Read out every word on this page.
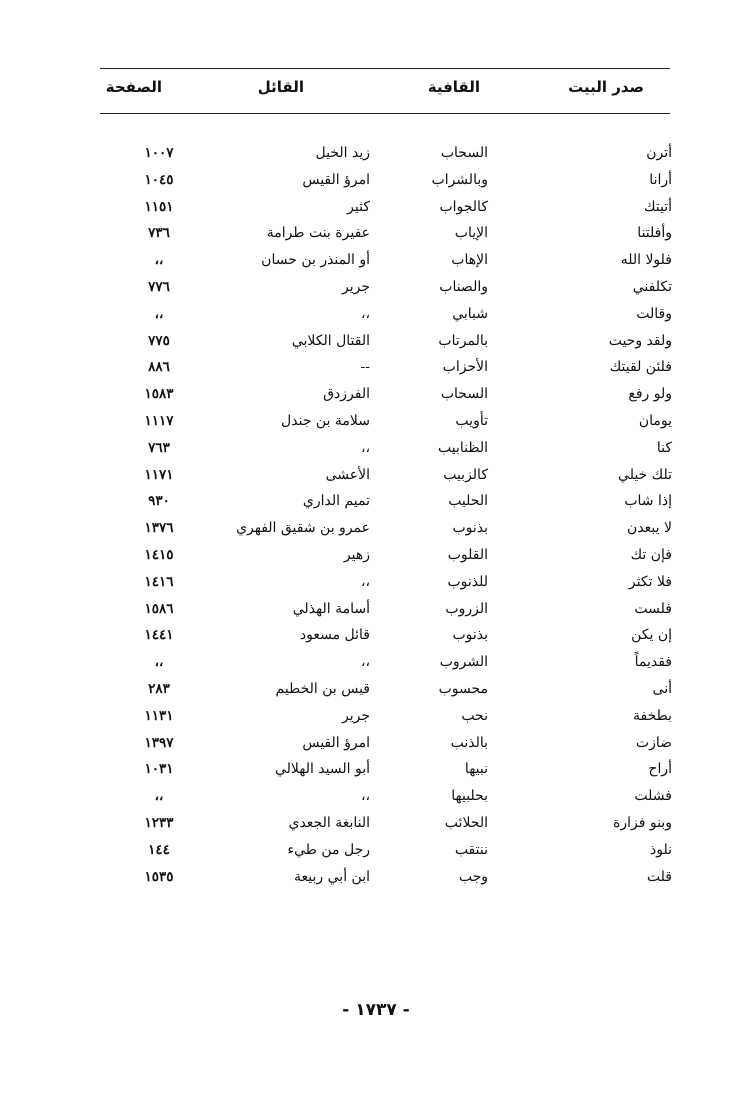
صدر البيت
القافية
القائل
الصفحة
أترن
السحاب
زيد الخيل
١٠٠٧
أرانا
وبالشراب
امرؤ القيس
١٠٤٥
أتيتك
كالجواب
كثير
١١٥١
وأفلتنا
الإياب
عفيرة بنت طرامة
٧٣٦
فلولا الله
الإهاب
أو المنذر بن حسان
،،
تكلفني
والصناب
جرير
٧٧٦
وقالت
شبابي
،،
،،
ولقد وحيت
بالمرتاب
القتال الكلابي
٧٧٥
فلئن لقيتك
الأحزاب
--
٨٨٦
ولو رفع
السحاب
الفرزدق
١٥٨٣
يومان
تأويب
سلامة بن جندل
١١١٧
كنا
الظنابيب
،،
٧٦٣
تلك خيلي
كالزبيب
الأعشى
١١٧١
إذا شاب
الحليب
تميم الداري
٩٣٠
لا يبعدن
بذنوب
عمرو بن شقيق الفهري
١٣٧٦
فإن تك
القلوب
زهير
١٤١٥
فلا تكثر
للذنوب
،،
١٤١٦
فلست
الزروب
أسامة الهذلي
١٥٨٦
إن يكن
بذنوب
قائل مسعود
١٤٤١
فقديماً
الشروب
،،
،،
أنى
محسوب
قيس بن الخطيم
٢٨٣
بطخفة
نحب
جرير
١١٣١
ضازت
بالذنب
امرؤ القيس
١٣٩٧
أراح
نبيها
أبو السيد الهلالي
١٠٣١
فشلت
بحلبيها
،،
،،
وبنو فزارة
الحلائب
النابغة الجعدي
١٢٣٣
نلوذ
ننتقب
رجل من طيء
١٤٤
قلت
وجب
ابن أبي ربيعة
١٥٣٥
- ١٧٣٧ -
